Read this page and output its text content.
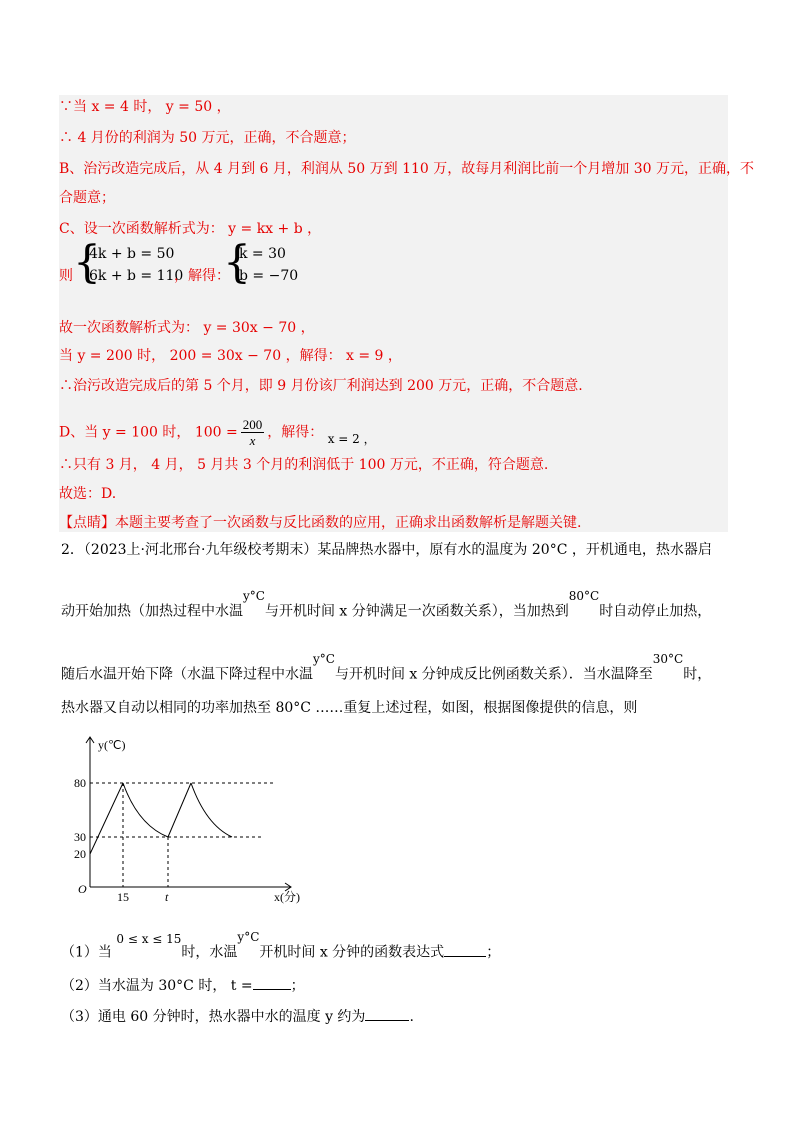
∵当 x = 4 时， y = 50 ，
∴ 4 月份的利润为 50 万元，正确，不合题意；
B、治污改造完成后，从 4 月到 6 月，利润从 50 万到 110 万，故每月利润比前一个月增加 30 万元，正确，不
合题意；
C、设一次函数解析式为： y = kx + b ，
则 {
4k + b = 50
6k + b = 110
，解得：
{
k = 30
b = −70
故一次函数解析式为： y = 30x − 70 ，
当 y = 200 时， 200 = 30x − 70 ，解得： x = 9 ，
∴治污改造完成后的第 5 个月，即 9 月份该厂利润达到 200 万元，正确，不合题意.
D、当 y = 100 时， $100 = \frac{200}{x}$ ，解得： x = 2 ，
∴只有 3 月， 4 月， 5 月共 3 个月的利润低于 100 万元，不正确，符合题意.
故选：D.
【点睛】本题主要考查了一次函数与反比函数的应用，正确求出函数解析是解题关键.
2．（2023上·河北邢台·九年级校考期末）某品牌热水器中，原有水的温度为 20°C ，开机通电，热水器启
动开始加热（加热过程中水温$^{y^\circ C}$与开机时间 x 分钟满足一次函数关系），当加热到$^{80^\circ C}$时自动停止加热，
随后水温开始下降（水温下降过程中水温$^{y^\circ C}$与开机时间 x 分钟成反比例函数关系）．当水温降至$^{30^\circ C}$时，
热水器又自动以相同的功率加热至 80°C ……重复上述过程，如图，根据图像提供的信息，则
y(℃)
x(分)
O
80
30
20
15	t
（1）当 $^{0 \le x \le 15}$时，水温$^{y^\circ C}$开机时间 x 分钟的函数表达式	；
（2）当水温为 30°C 时， t =	；
（3）通电 60 分钟时，热水器中水的温度 y 约为	.
